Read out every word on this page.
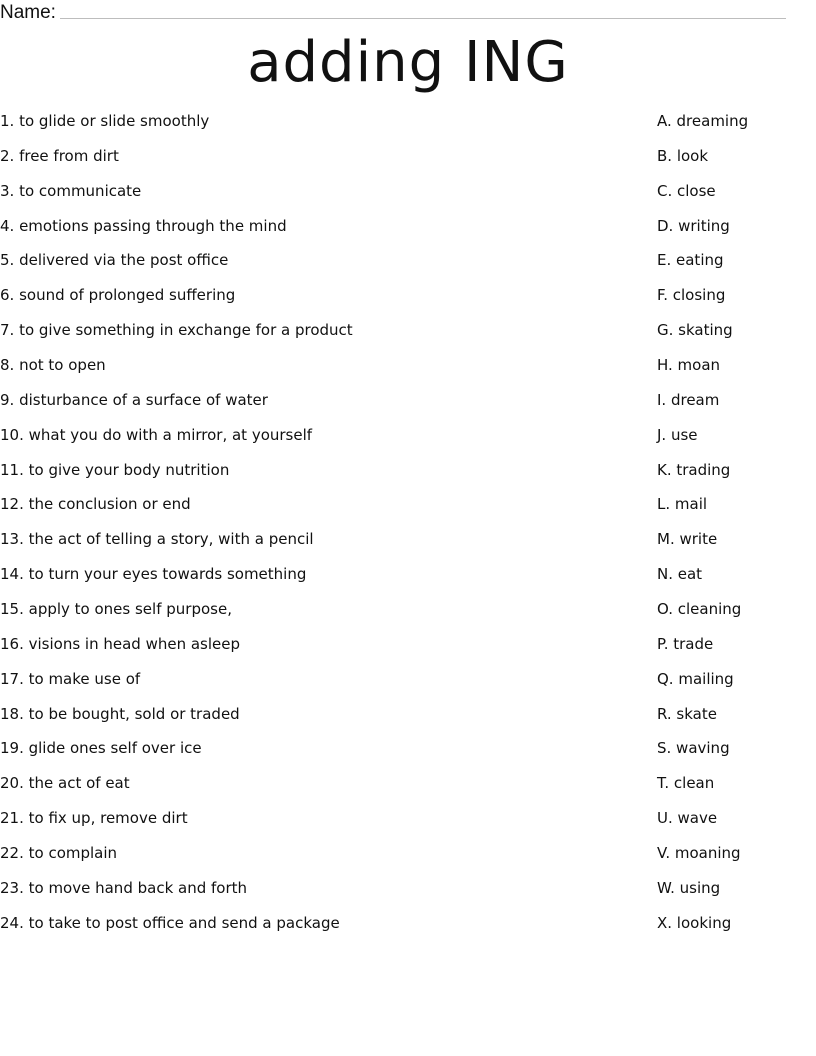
Name:
adding ING
1. to glide or slide smoothly	A. dreaming
2. free from dirt	B. look
3. to communicate	C. close
4. emotions passing through the mind	D. writing
5. delivered via the post office	E. eating
6. sound of prolonged suffering	F. closing
7. to give something in exchange for a product	G. skating
8. not to open	H. moan
9. disturbance of a surface of water	I. dream
10. what you do with a mirror, at yourself	J. use
11. to give your body nutrition	K. trading
12. the conclusion or end	L. mail
13. the act of telling a story, with a pencil	M. write
14. to turn your eyes towards something	N. eat
15. apply to ones self purpose,	O. cleaning
16. visions in head when asleep	P. trade
17. to make use of	Q. mailing
18. to be bought, sold or traded	R. skate
19. glide ones self over ice	S. waving
20. the act of eat	T. clean
21. to fix up, remove dirt	U. wave
22. to complain	V. moaning
23. to move hand back and forth	W. using
24. to take to post office and send a package	X. looking
